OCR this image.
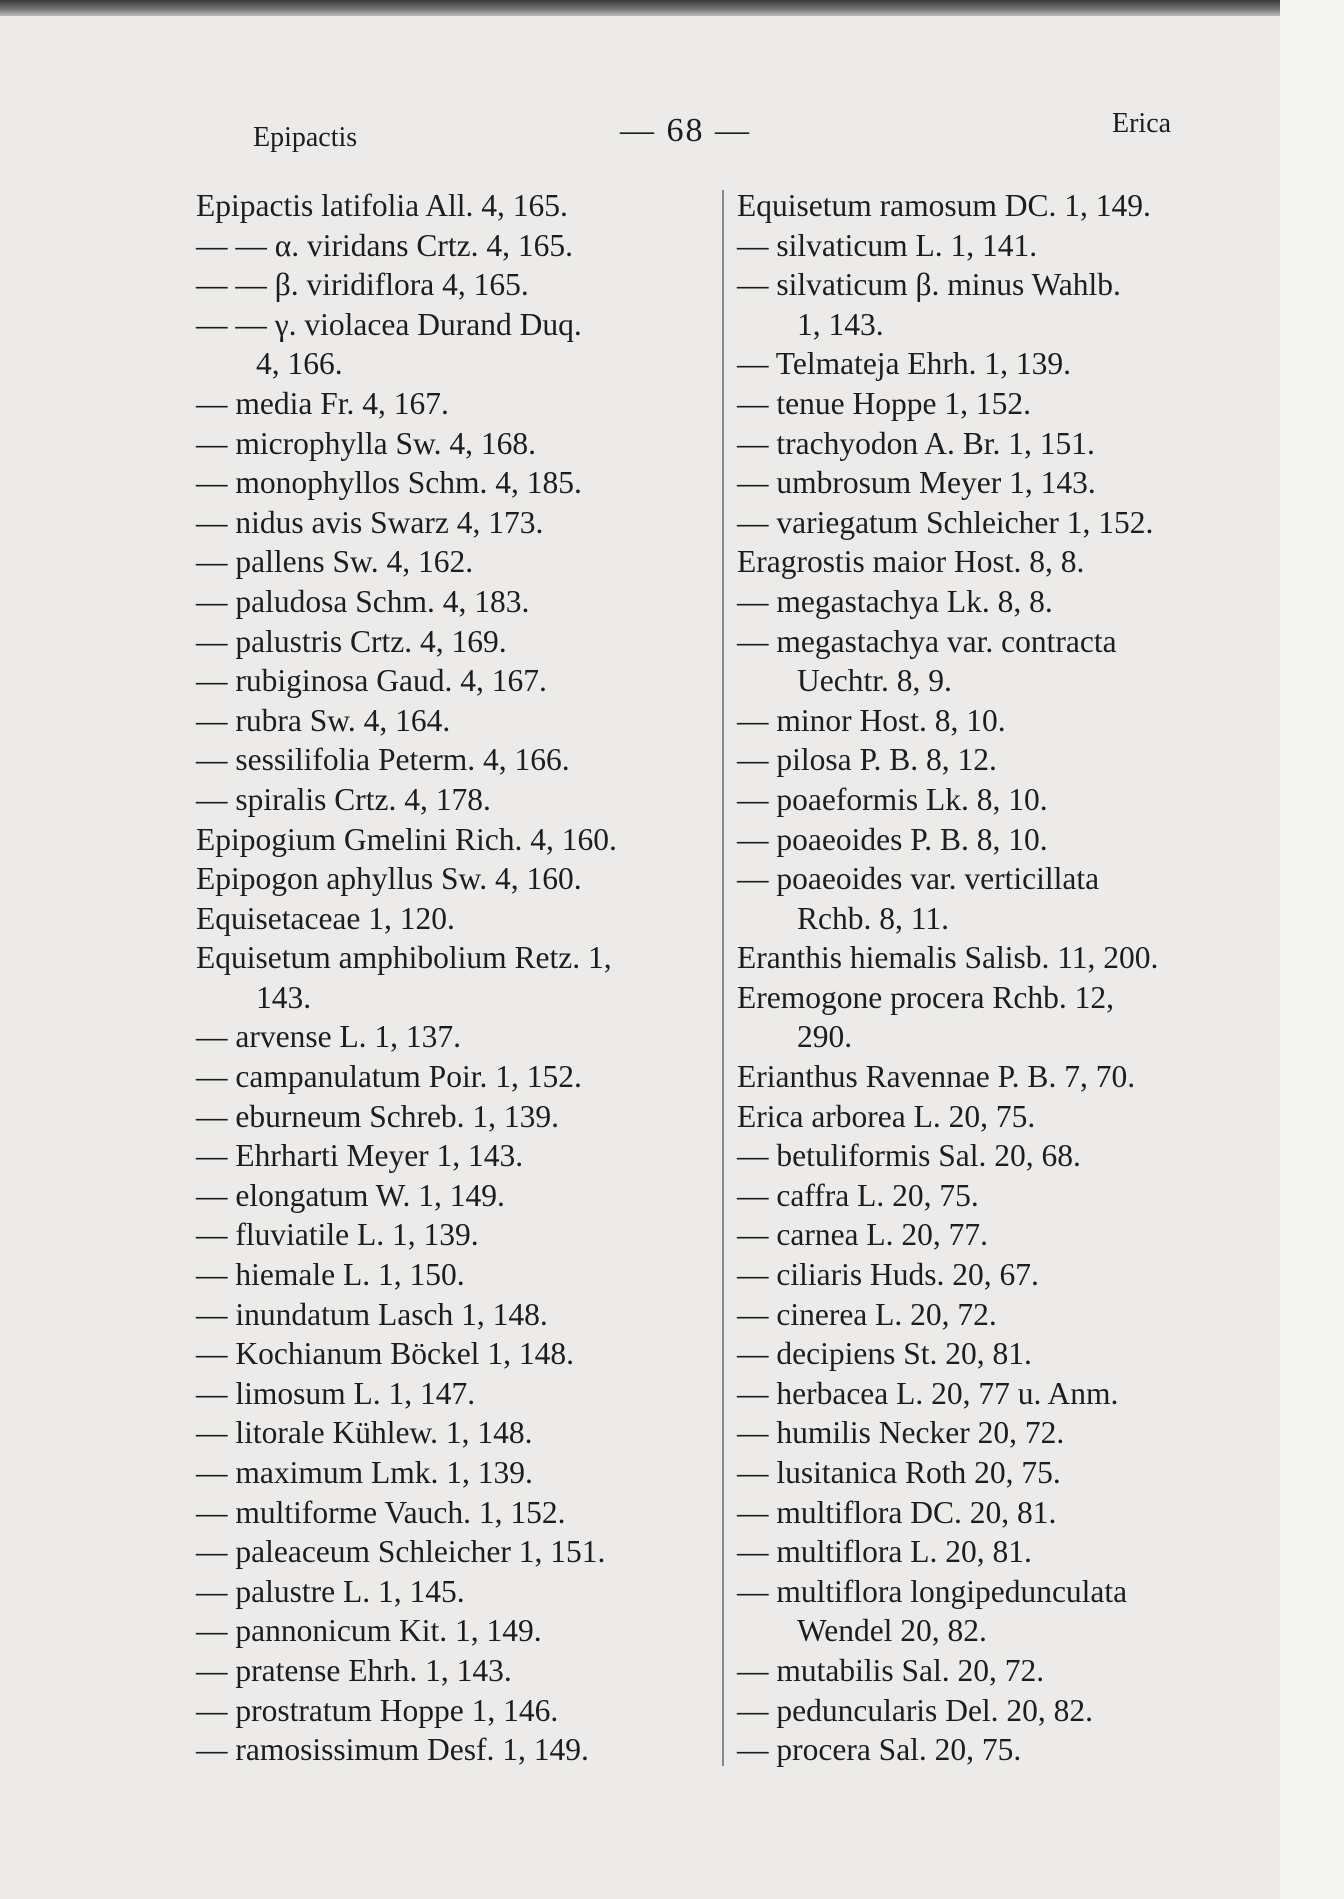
Epipactis	— 68 —	Erica
Epipactis latifolia All. 4, 165.
— — α. viridans Crtz. 4, 165.
— — β. viridiflora 4, 165.
— — γ. violacea Durand Duq.
4, 166.
— media Fr. 4, 167.
— microphylla Sw. 4, 168.
— monophyllos Schm. 4, 185.
— nidus avis Swarz 4, 173.
— pallens Sw. 4, 162.
— paludosa Schm. 4, 183.
— palustris Crtz. 4, 169.
— rubiginosa Gaud. 4, 167.
— rubra Sw. 4, 164.
— sessilifolia Peterm. 4, 166.
— spiralis Crtz. 4, 178.
Epipogium Gmelini Rich. 4, 160.
Epipogon aphyllus Sw. 4, 160.
Equisetaceae 1, 120.
Equisetum amphibolium Retz. 1,
143.
— arvense L. 1, 137.
— campanulatum Poir. 1, 152.
— eburneum Schreb. 1, 139.
— Ehrharti Meyer 1, 143.
— elongatum W. 1, 149.
— fluviatile L. 1, 139.
— hiemale L. 1, 150.
— inundatum Lasch 1, 148.
— Kochianum Böckel 1, 148.
— limosum L. 1, 147.
— litorale Kühlew. 1, 148.
— maximum Lmk. 1, 139.
— multiforme Vauch. 1, 152.
— paleaceum Schleicher 1, 151.
— palustre L. 1, 145.
— pannonicum Kit. 1, 149.
— pratense Ehrh. 1, 143.
— prostratum Hoppe 1, 146.
— ramosissimum Desf. 1, 149.
Equisetum ramosum DC. 1, 149.
— silvaticum L. 1, 141.
— silvaticum β. minus Wahlb.
1, 143.
— Telmateja Ehrh. 1, 139.
— tenue Hoppe 1, 152.
— trachyodon A. Br. 1, 151.
— umbrosum Meyer 1, 143.
— variegatum Schleicher 1, 152.
Eragrostis maior Host. 8, 8.
— megastachya Lk. 8, 8.
— megastachya var. contracta
Uechtr. 8, 9.
— minor Host. 8, 10.
— pilosa P. B. 8, 12.
— poaeformis Lk. 8, 10.
— poaeoides P. B. 8, 10.
— poaeoides var. verticillata
Rchb. 8, 11.
Eranthis hiemalis Salisb. 11, 200.
Eremogone procera Rchb. 12,
290.
Erianthus Ravennae P. B. 7, 70.
Erica arborea L. 20, 75.
— betuliformis Sal. 20, 68.
— caffra L. 20, 75.
— carnea L. 20, 77.
— ciliaris Huds. 20, 67.
— cinerea L. 20, 72.
— decipiens St. 20, 81.
— herbacea L. 20, 77 u. Anm.
— humilis Necker 20, 72.
— lusitanica Roth 20, 75.
— multiflora DC. 20, 81.
— multiflora L. 20, 81.
— multiflora longipedunculata
Wendel 20, 82.
— mutabilis Sal. 20, 72.
— peduncularis Del. 20, 82.
— procera Sal. 20, 75.
